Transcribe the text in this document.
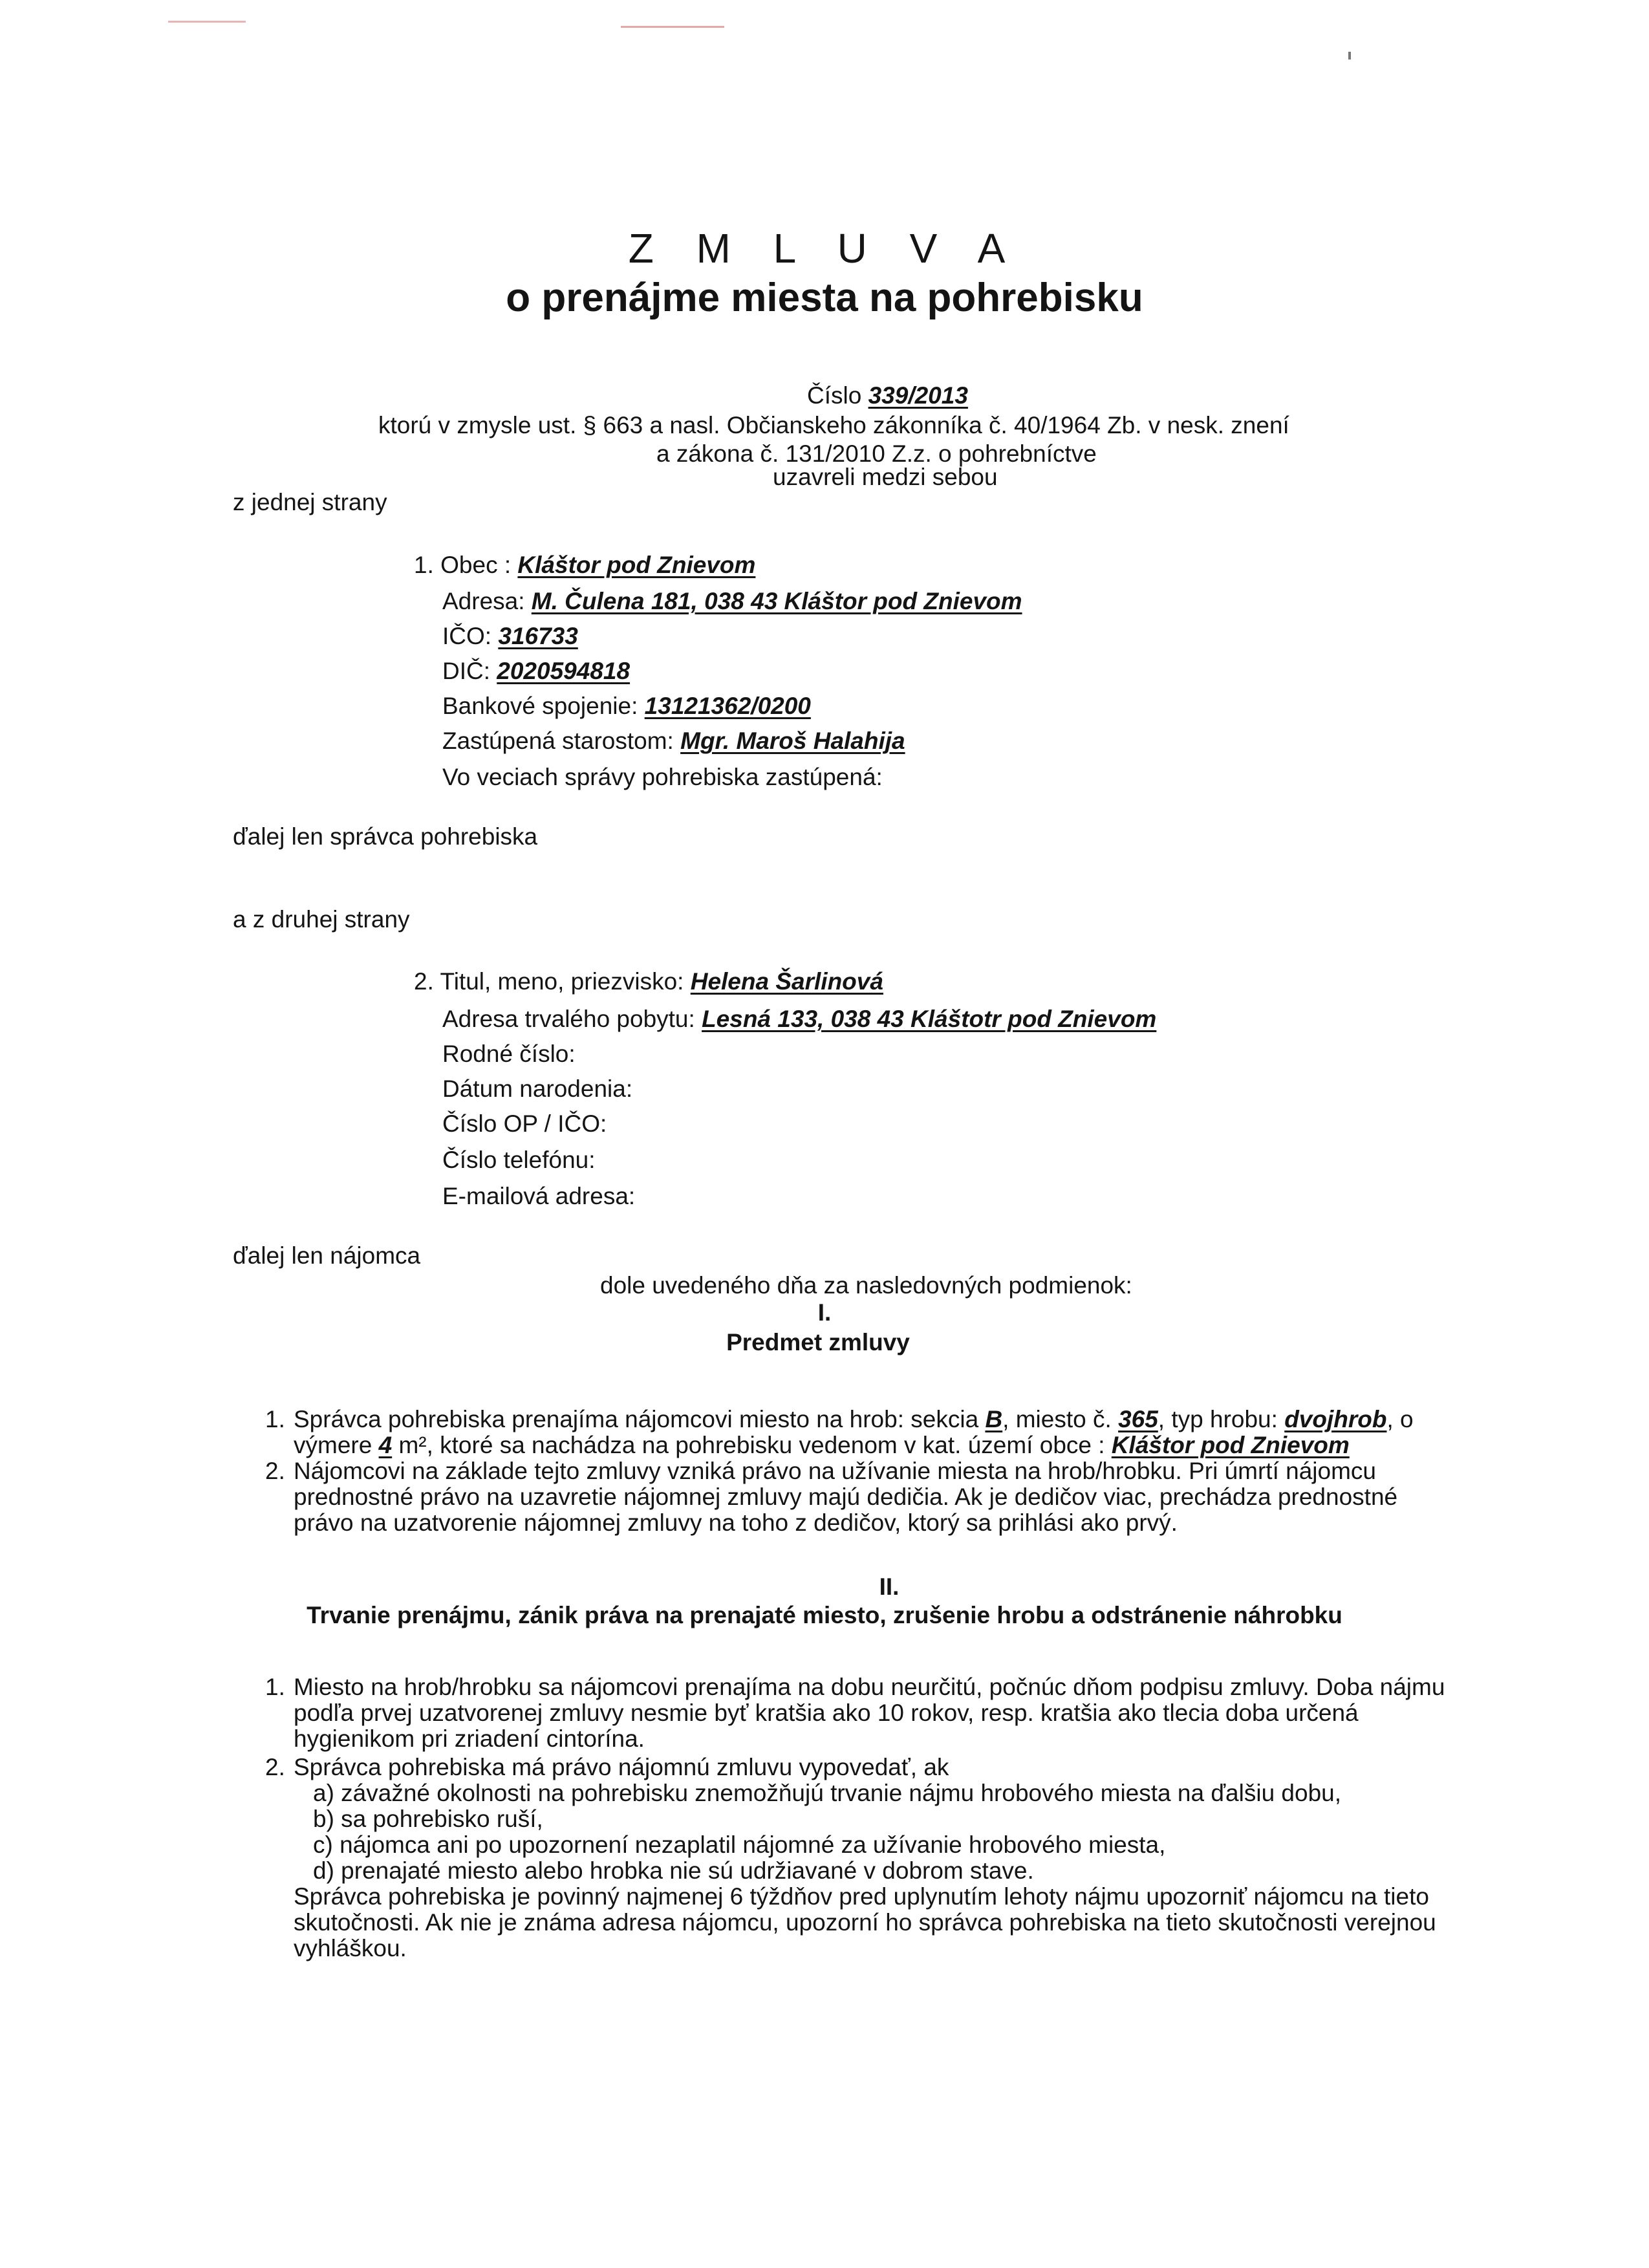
Z M L U V A
o prenájme miesta na pohrebisku
Číslo 339/2013
ktorú v zmysle ust. § 663 a nasl. Občianskeho zákonníka č. 40/1964 Zb. v nesk. znení
a zákona č. 131/2010 Z.z. o pohrebníctve
uzavreli medzi sebou
z jednej strany
1. Obec : Kláštor pod Znievom
Adresa: M. Čulena 181, 038 43 Kláštor pod Znievom
IČO: 316733
DIČ: 2020594818
Bankové spojenie: 13121362/0200
Zastúpená starostom: Mgr. Maroš Halahija
Vo veciach správy pohrebiska zastúpená:
ďalej len správca pohrebiska
a z druhej strany
2. Titul, meno, priezvisko: Helena Šarlinová
Adresa trvalého pobytu: Lesná 133, 038 43 Kláštotr pod Znievom
Rodné číslo:
Dátum narodenia:
Číslo OP / IČO:
Číslo telefónu:
E-mailová adresa:
ďalej len nájomca
dole uvedeného dňa za nasledovných podmienok:
I.
Predmet zmluvy
1. Správca pohrebiska prenajíma nájomcovi miesto na hrob: sekcia B, miesto č. 365, typ hrobu: dvojhrob, o
výmere 4 m², ktoré sa nachádza na pohrebisku vedenom v kat. území obce : Kláštor pod Znievom
2. Nájomcovi na základe tejto zmluvy vzniká právo na užívanie miesta na hrob/hrobku. Pri úmrtí nájomcu
prednostné právo na uzavretie nájomnej zmluvy majú dedičia. Ak je dedičov viac, prechádza prednostné
právo na uzatvorenie nájomnej zmluvy na toho z dedičov, ktorý sa prihlási ako prvý.
II.
Trvanie prenájmu, zánik práva na prenajaté miesto, zrušenie hrobu a odstránenie náhrobku
1. Miesto na hrob/hrobku sa nájomcovi prenajíma na dobu neurčitú, počnúc dňom podpisu zmluvy. Doba nájmu
podľa prvej uzatvorenej zmluvy nesmie byť kratšia ako 10 rokov, resp. kratšia ako tlecia doba určená
hygienikom pri zriadení cintorína.
2. Správca pohrebiska má právo nájomnú zmluvu vypovedať, ak
a) závažné okolnosti na pohrebisku znemožňujú trvanie nájmu hrobového miesta na ďalšiu dobu,
b) sa pohrebisko ruší,
c) nájomca ani po upozornení nezaplatil nájomné za užívanie hrobového miesta,
d) prenajaté miesto alebo hrobka nie sú udržiavané v dobrom stave.
Správca pohrebiska je povinný najmenej 6 týždňov pred uplynutím lehoty nájmu upozorniť nájomcu na tieto
skutočnosti. Ak nie je známa adresa nájomcu, upozorní ho správca pohrebiska na tieto skutočnosti verejnou
vyhláškou.
